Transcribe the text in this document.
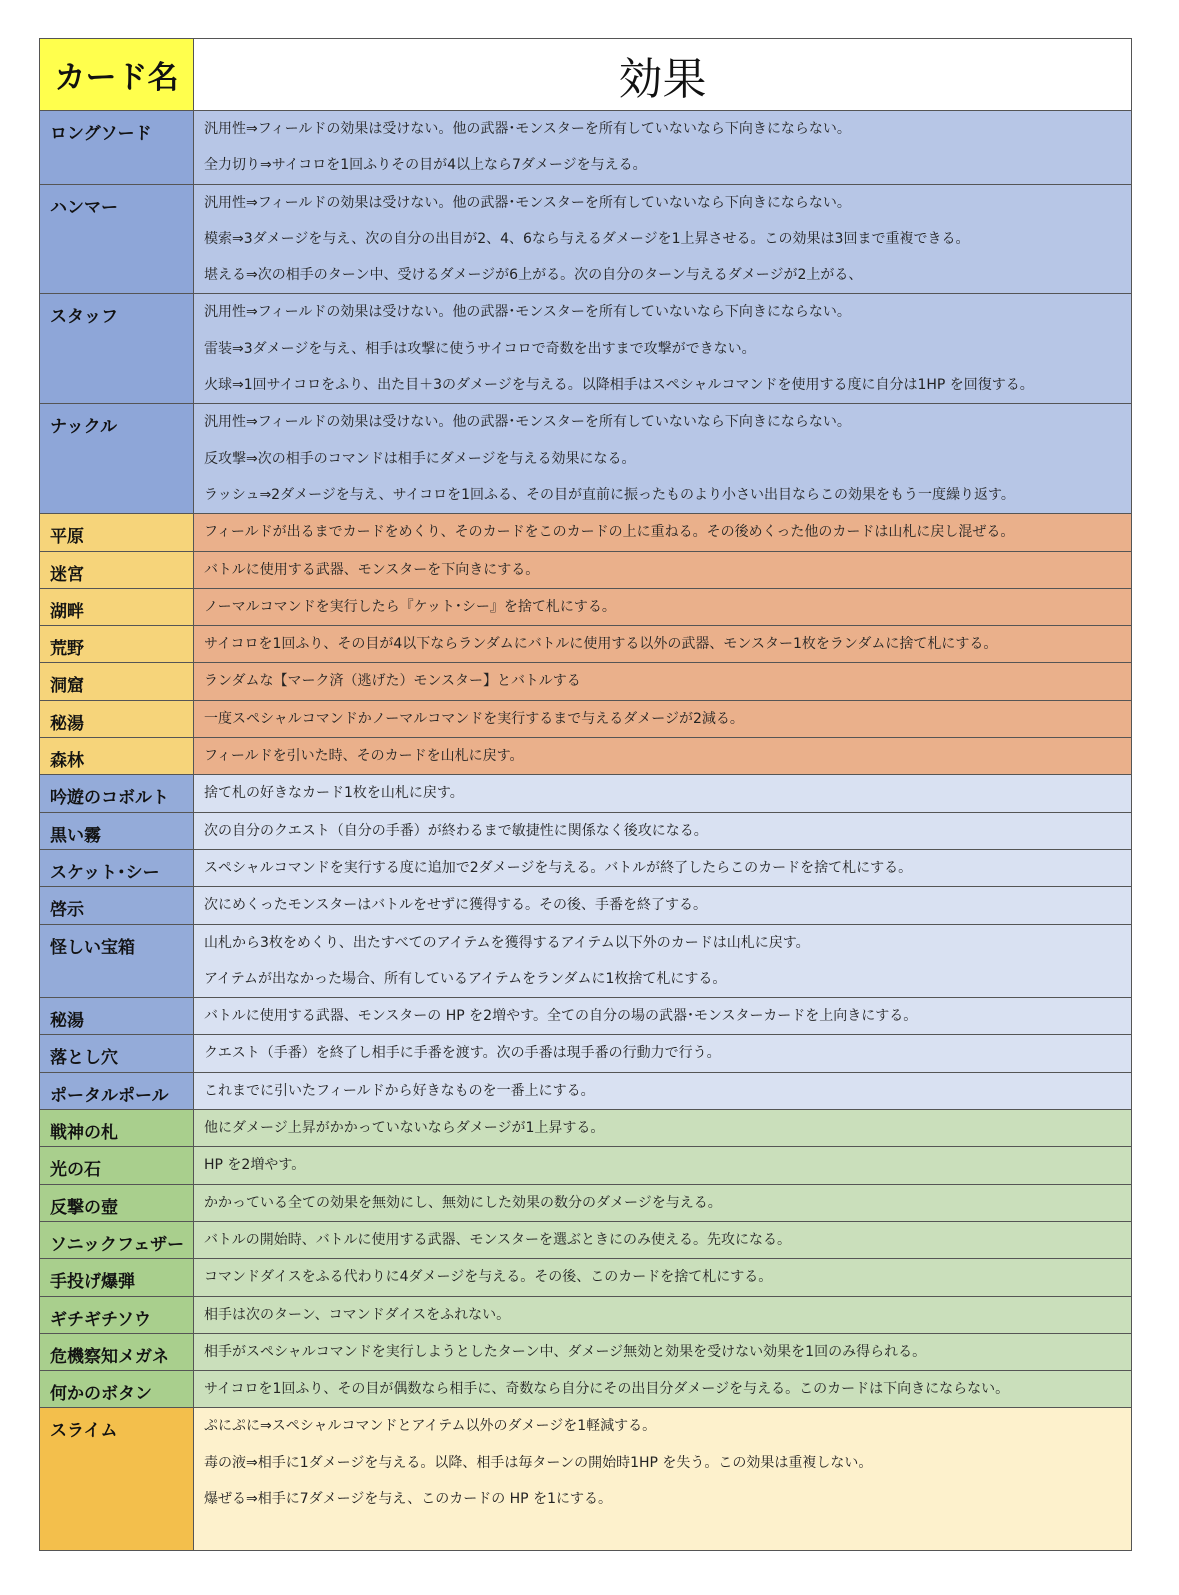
カード名	効果
ロングソード	汎用性⇒フィールドの効果は受けない。他の武器･モンスターを所有していないなら下向きにならない。
全力切り⇒サイコロを1回ふりその目が4以上なら7ダメージを与える。

ハンマー	汎用性⇒フィールドの効果は受けない。他の武器･モンスターを所有していないなら下向きにならない。
模索⇒3ダメージを与え、次の自分の出目が2、4、6なら与えるダメージを1上昇させる。この効果は3回まで重複できる。
堪える⇒次の相手のターン中、受けるダメージが6上がる。次の自分のターン与えるダメージが2上がる、

スタッフ	汎用性⇒フィールドの効果は受けない。他の武器･モンスターを所有していないなら下向きにならない。
雷装⇒3ダメージを与え、相手は攻撃に使うサイコロで奇数を出すまで攻撃ができない。
火球⇒1回サイコロをふり、出た目＋3のダメージを与える。以降相手はスペシャルコマンドを使用する度に自分は1HP を回復する。

ナックル	汎用性⇒フィールドの効果は受けない。他の武器･モンスターを所有していないなら下向きにならない。
反攻撃⇒次の相手のコマンドは相手にダメージを与える効果になる。
ラッシュ⇒2ダメージを与え、サイコロを1回ふる、その目が直前に振ったものより小さい出目ならこの効果をもう一度繰り返す。

平原	フィールドが出るまでカードをめくり、そのカードをこのカードの上に重ねる。その後めくった他のカードは山札に戻し混ぜる。

迷宮	バトルに使用する武器、モンスターを下向きにする。

湖畔	ノーマルコマンドを実行したら『ケット･シー』を捨て札にする。

荒野	サイコロを1回ふり、その目が4以下ならランダムにバトルに使用する以外の武器、モンスター1枚をランダムに捨て札にする。

洞窟	ランダムな【マーク済（逃げた）モンスター】とバトルする

秘湯	一度スペシャルコマンドかノーマルコマンドを実行するまで与えるダメージが2減る。

森林	フィールドを引いた時、そのカードを山札に戻す。

吟遊のコボルト	捨て札の好きなカード1枚を山札に戻す。

黒い霧	次の自分のクエスト（自分の手番）が終わるまで敏捷性に関係なく後攻になる。

スケット･シー	スペシャルコマンドを実行する度に追加で2ダメージを与える。バトルが終了したらこのカードを捨て札にする。

啓示	次にめくったモンスターはバトルをせずに獲得する。その後、手番を終了する。

怪しい宝箱	山札から3枚をめくり、出たすべてのアイテムを獲得するアイテム以下外のカードは山札に戻す。
アイテムが出なかった場合、所有しているアイテムをランダムに1枚捨て札にする。

秘湯	バトルに使用する武器、モンスターの HP を2増やす。全ての自分の場の武器･モンスターカードを上向きにする。

落とし穴	クエスト（手番）を終了し相手に手番を渡す。次の手番は現手番の行動力で行う。

ポータルポール	これまでに引いたフィールドから好きなものを一番上にする。

戦神の札	他にダメージ上昇がかかっていないならダメージが1上昇する。

光の石	HP を2増やす。

反撃の壺	かかっている全ての効果を無効にし、無効にした効果の数分のダメージを与える。

ソニックフェザー	バトルの開始時、バトルに使用する武器、モンスターを選ぶときにのみ使える。先攻になる。

手投げ爆弾	コマンドダイスをふる代わりに4ダメージを与える。その後、このカードを捨て札にする。

ギチギチソウ	相手は次のターン、コマンドダイスをふれない。

危機察知メガネ	相手がスペシャルコマンドを実行しようとしたターン中、ダメージ無効と効果を受けない効果を1回のみ得られる。

何かのボタン	サイコロを1回ふり、その目が偶数なら相手に、奇数なら自分にその出目分ダメージを与える。このカードは下向きにならない。

スライム	ぷにぷに⇒スペシャルコマンドとアイテム以外のダメージを1軽減する。
毒の液⇒相手に1ダメージを与える。以降、相手は毎ターンの開始時1HP を失う。この効果は重複しない。
爆ぜる⇒相手に7ダメージを与え、このカードの HP を1にする。
